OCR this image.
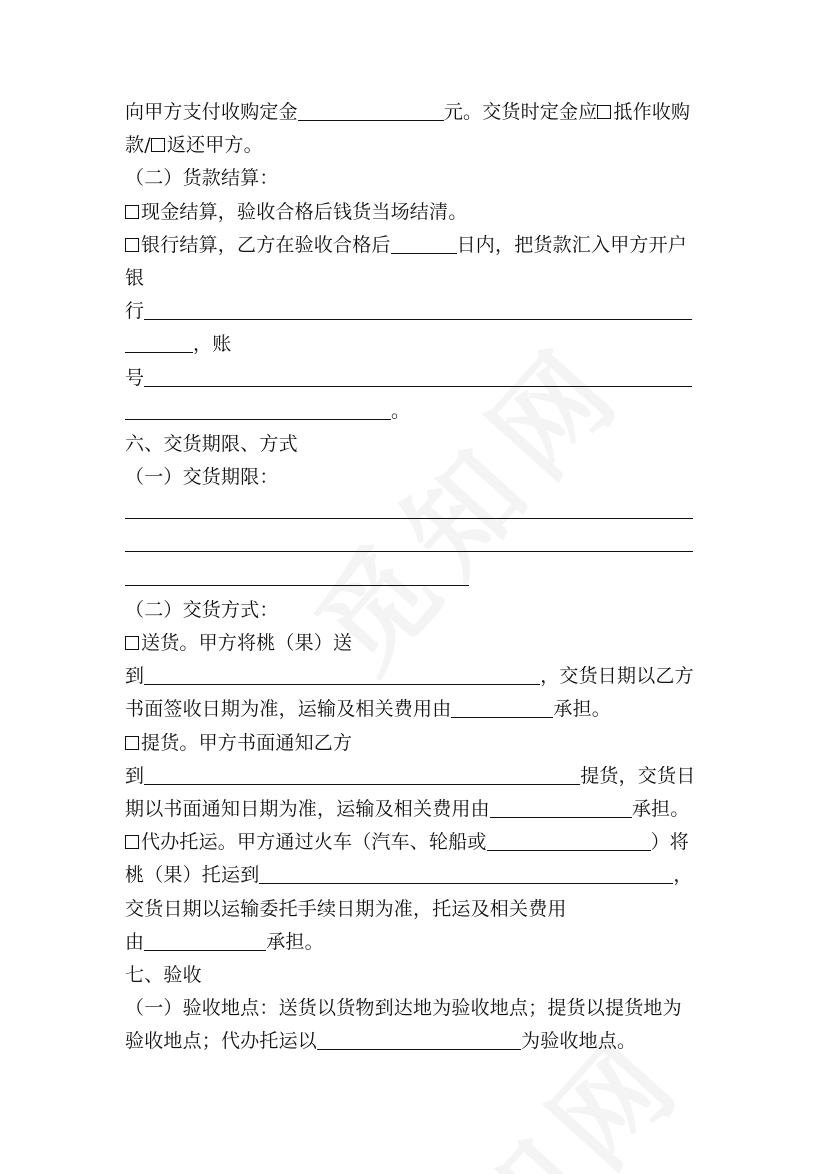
向甲方支付收购定金	元。交货时定金应 抵作收购
款/ 返还甲方。
（二）货款结算：
现金结算，验收合格后钱货当场结清。
银行结算，乙方在验收合格后	日内，把货款汇入甲方开户
银
行
，账
号
。
六、交货期限、方式
（一）交货期限：
（二）交货方式：
送货。甲方将桃（果）送
到	，交货日期以乙方
书面签收日期为准，运输及相关费用由	承担。
提货。甲方书面通知乙方
到	提货，交货日
期以书面通知日期为准，运输及相关费用由	承担。
代办托运。甲方通过火车（汽车、轮船或	）将
桃（果）托运到	，
交货日期以运输委托手续日期为准，托运及相关费用
由	承担。
七、验收
（一）验收地点：送货以货物到达地为验收地点；提货以提货地为
验收地点；代办托运以	为验收地点。
